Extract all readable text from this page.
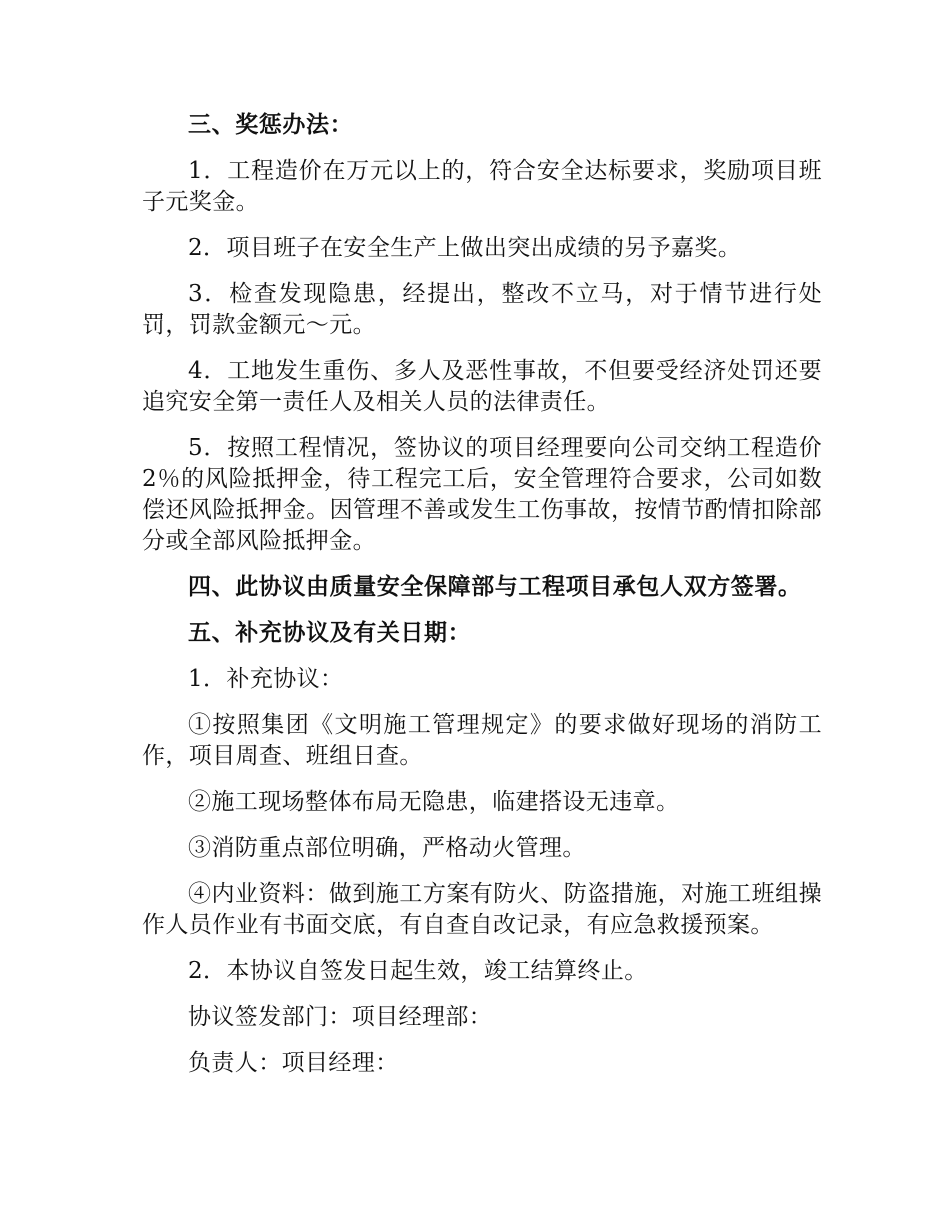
三、奖惩办法：

1．工程造价在万元以上的，符合安全达标要求，奖励项目班子元奖金。

2．项目班子在安全生产上做出突出成绩的另予嘉奖。

3．检查发现隐患，经提出，整改不立马，对于情节进行处罚，罚款金额元～元。

4．工地发生重伤、多人及恶性事故，不但要受经济处罚还要追究安全第一责任人及相关人员的法律责任。

5．按照工程情况，签协议的项目经理要向公司交纳工程造价2％的风险抵押金，待工程完工后，安全管理符合要求，公司如数偿还风险抵押金。因管理不善或发生工伤事故，按情节酌情扣除部分或全部风险抵押金。

四、此协议由质量安全保障部与工程项目承包人双方签署。

五、补充协议及有关日期：

1．补充协议：

①按照集团《文明施工管理规定》的要求做好现场的消防工作，项目周查、班组日查。

②施工现场整体布局无隐患，临建搭设无违章。

③消防重点部位明确，严格动火管理。

④内业资料：做到施工方案有防火、防盗措施，对施工班组操作人员作业有书面交底，有自查自改记录，有应急救援预案。

2．本协议自签发日起生效，竣工结算终止。

协议签发部门：项目经理部：

负责人：项目经理：
